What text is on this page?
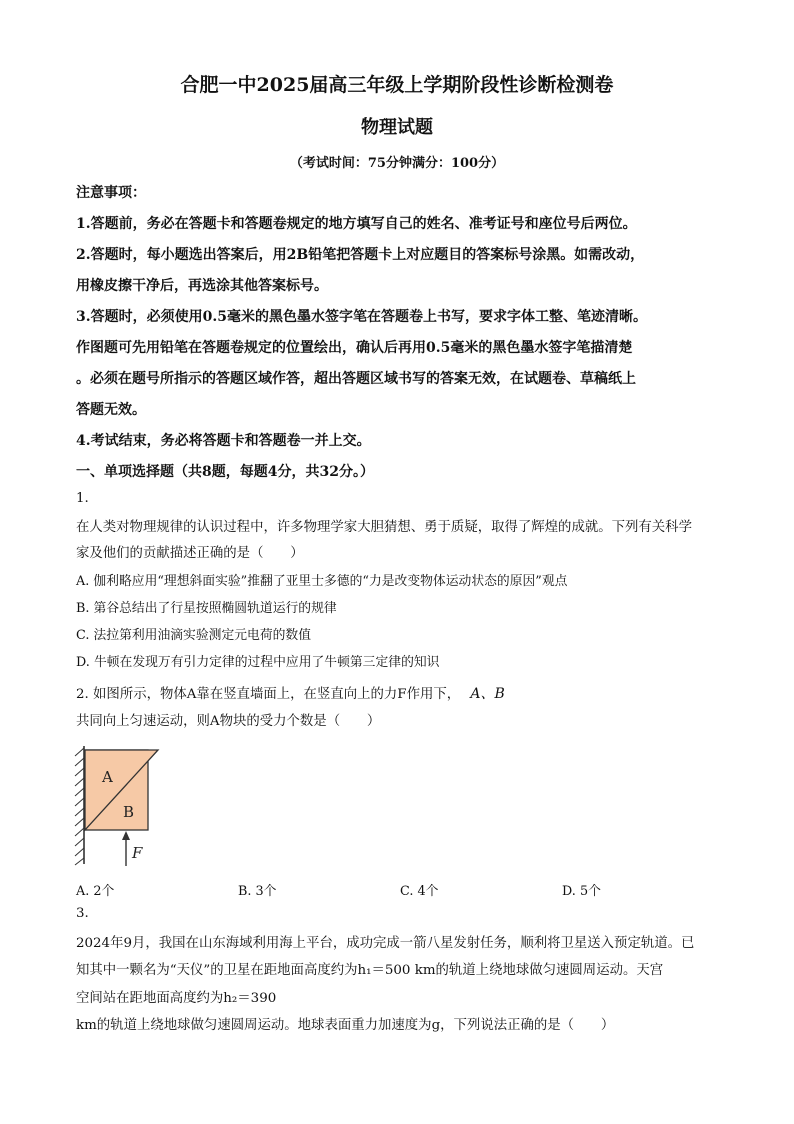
合肥一中2025届高三年级上学期阶段性诊断检测卷
物理试题
（考试时间：75分钟满分：100分）
注意事项：
1.答题前，务必在答题卡和答题卷规定的地方填写自己的姓名、准考证号和座位号后两位。
2.答题时，每小题选出答案后，用2B铅笔把答题卡上对应题目的答案标号涂黑。如需改动，
用橡皮擦干净后，再选涂其他答案标号。
3.答题时，必须使用0.5毫米的黑色墨水签字笔在答题卷上书写，要求字体工整、笔迹清晰。
作图题可先用铅笔在答题卷规定的位置绘出，确认后再用0.5毫米的黑色墨水签字笔描清楚
。必须在题号所指示的答题区域作答，超出答题区域书写的答案无效，在试题卷、草稿纸上
答题无效。
4.考试结束，务必将答题卡和答题卷一并上交。
一、单项选择题（共8题，每题4分，共32分。）
1.
在人类对物理规律的认识过程中，许多物理学家大胆猜想、勇于质疑，取得了辉煌的成就。下列有关科学
家及他们的贡献描述正确的是（　　）
A. 伽利略应用“理想斜面实验”推翻了亚里士多德的“力是改变物体运动状态的原因”观点
B. 第谷总结出了行星按照椭圆轨道运行的规律
C. 法拉第利用油滴实验测定元电荷的数值
D. 牛顿在发现万有引力定律的过程中应用了牛顿第三定律的知识
2. 如图所示，物体A靠在竖直墙面上，在竖直向上的力F作用下， A、B
共同向上匀速运动，则A物块的受力个数是（　　）
A
B
F
A. 2个	B. 3个	C. 4个	D. 5个
3.
2024年9月，我国在山东海域利用海上平台，成功完成一箭八星发射任务，顺利将卫星送入预定轨道。已
知其中一颗名为“天仪”的卫星在距地面高度约为h₁＝500 km的轨道上绕地球做匀速圆周运动。天宫
空间站在距地面高度约为h₂＝390
km的轨道上绕地球做匀速圆周运动。地球表面重力加速度为g，下列说法正确的是（　　）
